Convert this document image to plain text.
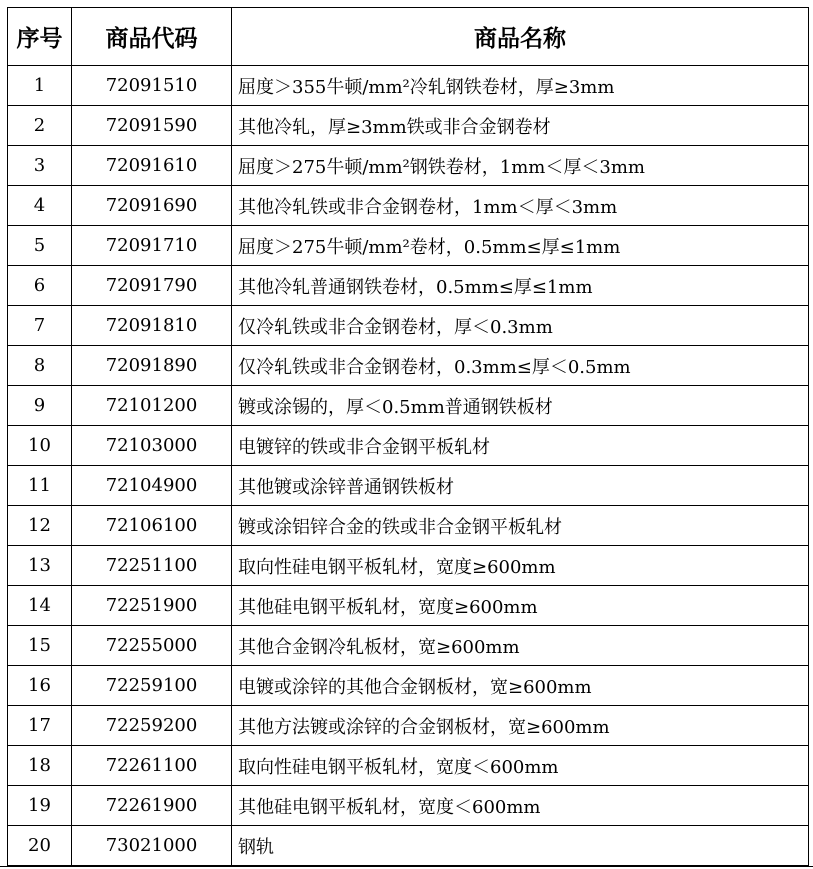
序号	商品代码	商品名称
1	72091510	屈度＞355牛顿/mm²冷轧钢铁卷材，厚≥3mm
2	72091590	其他冷轧，厚≥3mm铁或非合金钢卷材
3	72091610	屈度＞275牛顿/mm²钢铁卷材，1mm＜厚＜3mm
4	72091690	其他冷轧铁或非合金钢卷材，1mm＜厚＜3mm
5	72091710	屈度＞275牛顿/mm²卷材，0.5mm≤厚≤1mm
6	72091790	其他冷轧普通钢铁卷材，0.5mm≤厚≤1mm
7	72091810	仅冷轧铁或非合金钢卷材，厚＜0.3mm
8	72091890	仅冷轧铁或非合金钢卷材，0.3mm≤厚＜0.5mm
9	72101200	镀或涂锡的，厚＜0.5mm普通钢铁板材
10	72103000	电镀锌的铁或非合金钢平板轧材
11	72104900	其他镀或涂锌普通钢铁板材
12	72106100	镀或涂铝锌合金的铁或非合金钢平板轧材
13	72251100	取向性硅电钢平板轧材，宽度≥600mm
14	72251900	其他硅电钢平板轧材，宽度≥600mm
15	72255000	其他合金钢冷轧板材，宽≥600mm
16	72259100	电镀或涂锌的其他合金钢板材，宽≥600mm
17	72259200	其他方法镀或涂锌的合金钢板材，宽≥600mm
18	72261100	取向性硅电钢平板轧材，宽度＜600mm
19	72261900	其他硅电钢平板轧材，宽度＜600mm
20	73021000	钢轨
